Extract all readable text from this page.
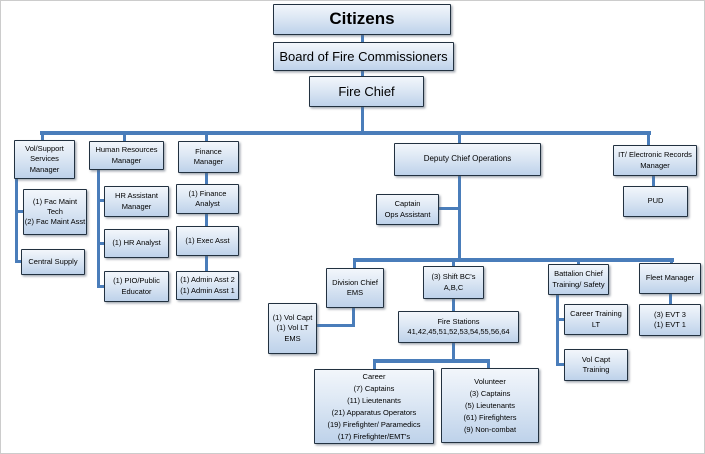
Citizens
Board of Fire Commissioners
Fire Chief
Vol/Support
Services
Manager
Human Resources
Manager
Finance
Manager	Deputy Chief Operations	IT/ Electronic Records
Manager
(1) Fac Maint
Tech
(2) Fac Maint Asst
Central Supply
HR Assistant
Manager
(1) HR Analyst
(1) PIO/Public
Educator
(1) Finance
Analyst
(1) Exec Asst
(1) Admin Asst 2
(1) Admin Asst 1
Captain
Ops Assistant
PUD
Division Chief
EMS
(3) Shift BC's
A,B,C
Battalion Chief
Training/ Safety
Fleet Manager
(1) Vol Capt
(1) Vol LT
EMS
Fire Stations
41,42,45,51,52,53,54,55,56,64
Career Training
LT
Vol Capt
Training
(3) EVT 3
(1) EVT 1
Career
(7) Captains
(11) Lieutenants
(21) Apparatus Operators
(19) Firefighter/ Paramedics
(17) Firefighter/EMT's
Volunteer
(3) Captains
(5) Lieutenants
(61) Firefighters
(9) Non-combat
